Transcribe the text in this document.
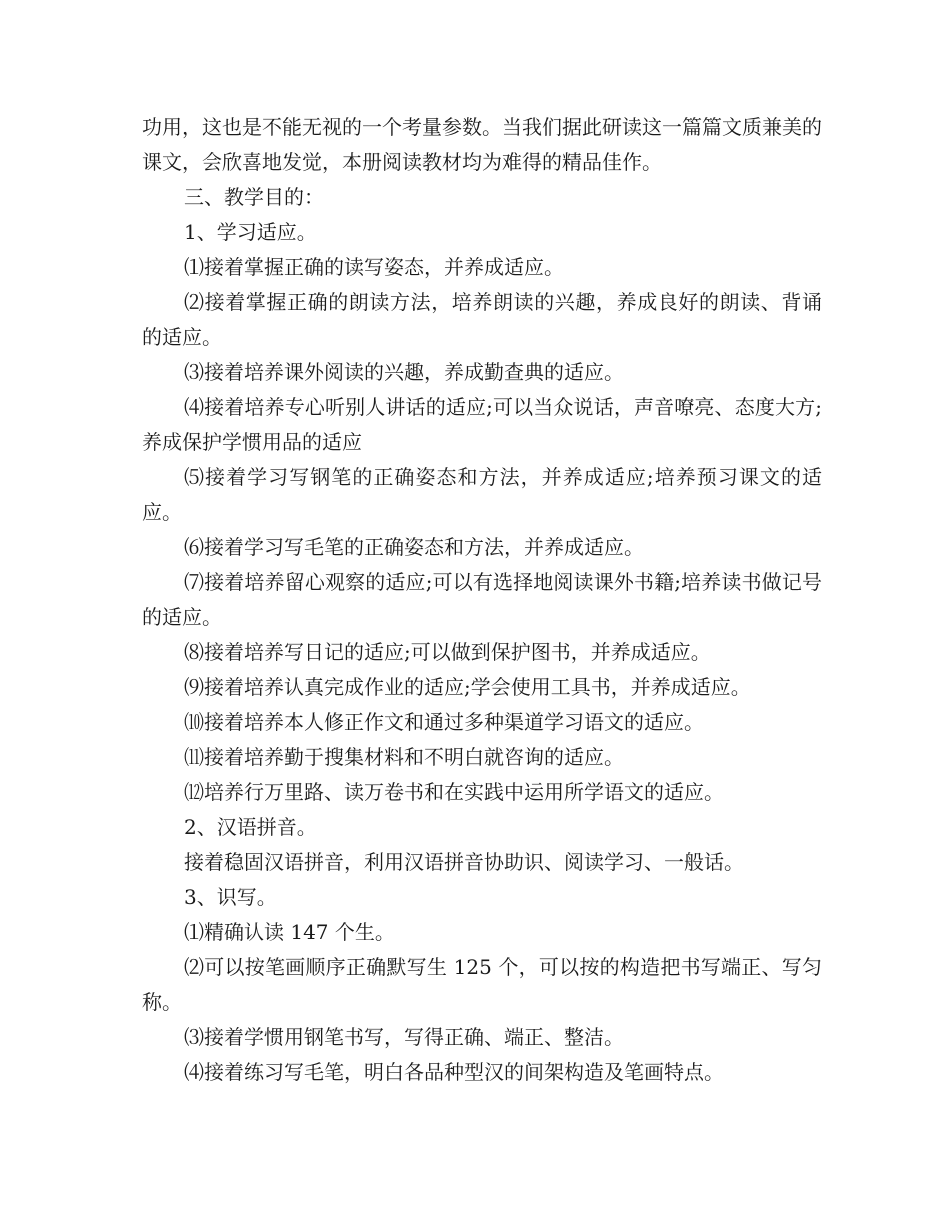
功用，这也是不能无视的一个考量参数。当我们据此研读这一篇篇文质兼美的课文，会欣喜地发觉，本册阅读教材均为难得的精品佳作。

三、教学目的：

1、学习适应。

⑴接着掌握正确的读写姿态，并养成适应。

⑵接着掌握正确的朗读方法，培养朗读的兴趣，养成良好的朗读、背诵的适应。

⑶接着培养课外阅读的兴趣，养成勤查典的适应。

⑷接着培养专心听别人讲话的适应;可以当众说话，声音嘹亮、态度大方;养成保护学惯用品的适应

⑸接着学习写钢笔的正确姿态和方法，并养成适应;培养预习课文的适应。

⑹接着学习写毛笔的正确姿态和方法，并养成适应。

⑺接着培养留心观察的适应;可以有选择地阅读课外书籍;培养读书做记号的适应。

⑻接着培养写日记的适应;可以做到保护图书，并养成适应。

⑼接着培养认真完成作业的适应;学会使用工具书，并养成适应。

⑽接着培养本人修正作文和通过多种渠道学习语文的适应。

⑾接着培养勤于搜集材料和不明白就咨询的适应。

⑿培养行万里路、读万卷书和在实践中运用所学语文的适应。

2、汉语拼音。

接着稳固汉语拼音，利用汉语拼音协助识、阅读学习、一般话。

3、识写。

⑴精确认读 147 个生。

⑵可以按笔画顺序正确默写生 125 个，可以按的构造把书写端正、写匀称。

⑶接着学惯用钢笔书写，写得正确、端正、整洁。

⑷接着练习写毛笔，明白各品种型汉的间架构造及笔画特点。
